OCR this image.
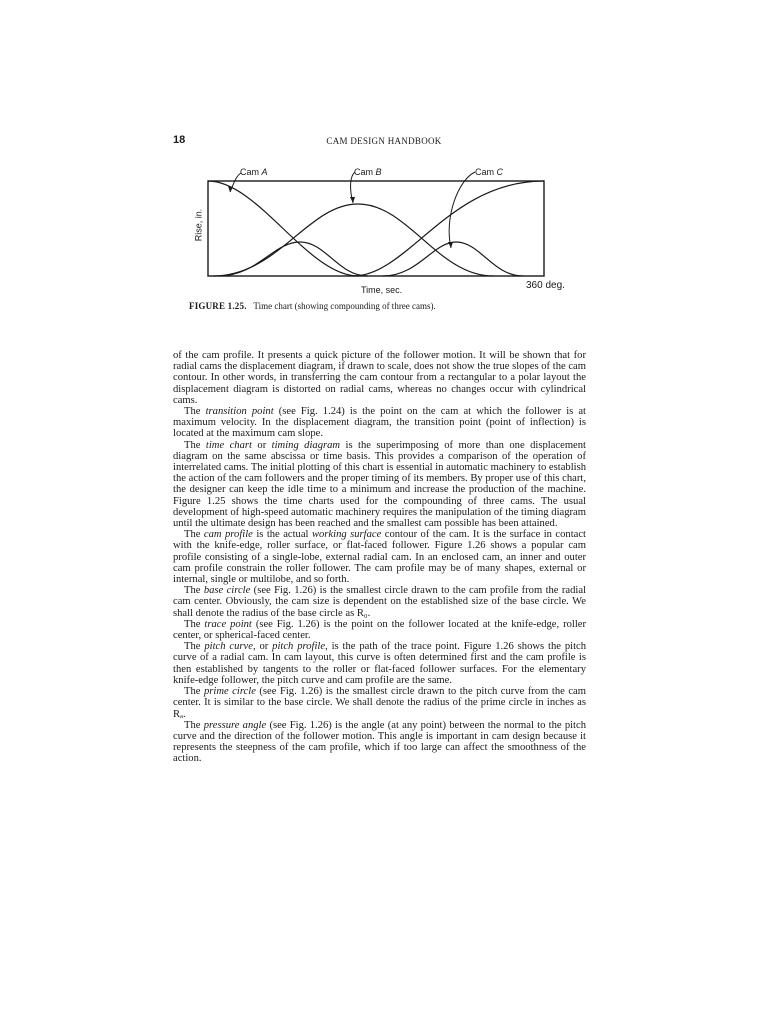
18	CAM DESIGN HANDBOOK
Cam A	Cam B	Cam C
Rise, in.
Time, sec.	360 deg.
FIGURE 1.25. Time chart (showing compounding of three cams).

of the cam profile. It presents a quick picture of the follower motion. It will be shown that for radial cams the displacement diagram, if drawn to scale, does not show the true slopes of the cam contour. In other words, in transferring the cam contour from a rectangular to a polar layout the displacement diagram is distorted on radial cams, whereas no changes occur with cylindrical cams.

The transition point (see Fig. 1.24) is the point on the cam at which the follower is at maximum velocity. In the displacement diagram, the transition point (point of inflection) is located at the maximum cam slope.

The time chart or timing diagram is the superimposing of more than one displacement diagram on the same abscissa or time basis. This provides a comparison of the operation of interrelated cams. The initial plotting of this chart is essential in automatic machinery to establish the action of the cam followers and the proper timing of its members. By proper use of this chart, the designer can keep the idle time to a minimum and increase the production of the machine. Figure 1.25 shows the time charts used for the compounding of three cams. The usual development of high-speed automatic machinery requires the manipulation of the timing diagram until the ultimate design has been reached and the smallest cam possible has been attained.

The cam profile is the actual working surface contour of the cam. It is the surface in contact with the knife-edge, roller surface, or flat-faced follower. Figure 1.26 shows a popular cam profile consisting of a single-lobe, external radial cam. In an enclosed cam, an inner and outer cam profile constrain the roller follower. The cam profile may be of many shapes, external or internal, single or multilobe, and so forth.

The base circle (see Fig. 1.26) is the smallest circle drawn to the cam profile from the radial cam center. Obviously, the cam size is dependent on the established size of the base circle. We shall denote the radius of the base circle as R₀.

The trace point (see Fig. 1.26) is the point on the follower located at the knife-edge, roller center, or spherical-faced center.

The pitch curve, or pitch profile, is the path of the trace point. Figure 1.26 shows the pitch curve of a radial cam. In cam layout, this curve is often determined first and the cam profile is then established by tangents to the roller or flat-faced follower surfaces. For the elementary knife-edge follower, the pitch curve and cam profile are the same.

The prime circle (see Fig. 1.26) is the smallest circle drawn to the pitch curve from the cam center. It is similar to the base circle. We shall denote the radius of the prime circle in inches as Rₐ.

The pressure angle (see Fig. 1.26) is the angle (at any point) between the normal to the pitch curve and the direction of the follower motion. This angle is important in cam design because it represents the steepness of the cam profile, which if too large can affect the smoothness of the action.
